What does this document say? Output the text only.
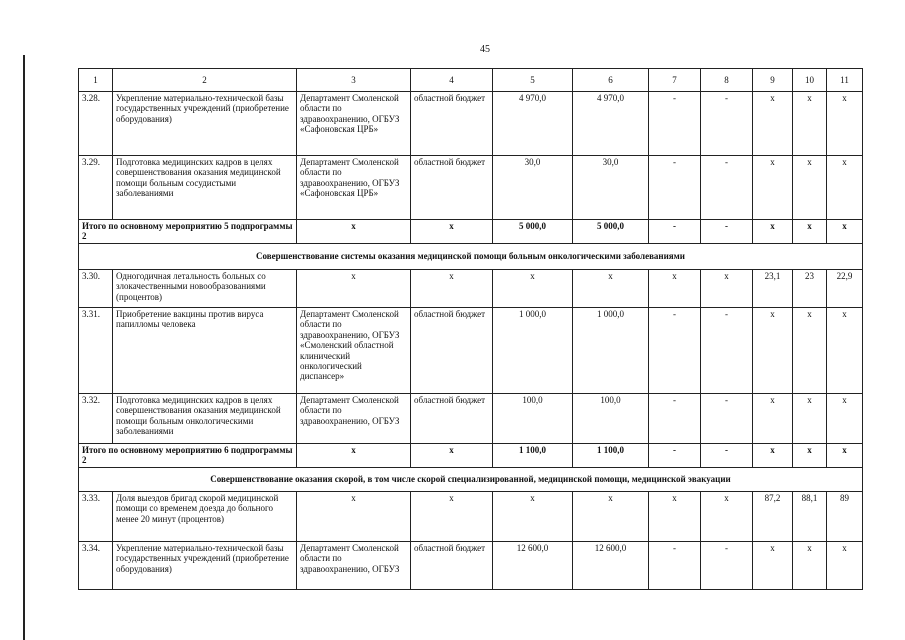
45
1	2	3	4	5	6	7	8	9	10	11
3.28.	Укрепление материально-технической базы государственных учреждений (приобретение оборудования)	Департамент Смоленской области по здравоохранению, ОГБУЗ «Сафоновская ЦРБ»	областной бюджет	4 970,0	4 970,0	-	-	х	х	х
3.29.	Подготовка медицинских кадров в целях совершенствования оказания медицинской помощи больным сосудистыми заболеваниями	Департамент Смоленской области по здравоохранению, ОГБУЗ «Сафоновская ЦРБ»	областной бюджет	30,0	30,0	-	-	х	х	х
Итого по основному мероприятию 5 подпрограммы 2		х	х	5 000,0	5 000,0	-	-	х	х	х
Совершенствование системы оказания медицинской помощи больным онкологическими заболеваниями										
3.30.	Одногодичная летальность больных со злокачественными новообразованиями (процентов)	х	х	х	х	х	х	23,1	23	22,9
3.31.	Приобретение вакцины против вируса папилломы человека	Департамент Смоленской области по здравоохранению, ОГБУЗ «Смоленский областной клинический онкологический диспансер»	областной бюджет	1 000,0	1 000,0	-	-	х	х	х
3.32.	Подготовка медицинских кадров в целях совершенствования оказания медицинской помощи больным онкологическими заболеваниями	Департамент Смоленской области по здравоохранению, ОГБУЗ	областной бюджет	100,0	100,0	-	-	х	х	х
Итого по основному мероприятию 6 подпрограммы 2		х	х	1 100,0	1 100,0	-	-	х	х	х
Совершенствование оказания скорой, в том числе скорой специализированной, медицинской помощи, медицинской эвакуации										
3.33.	Доля выездов бригад скорой медицинской помощи со временем доезда до больного менее 20 минут (процентов)	х	х	х	х	х	х	87,2	88,1	89
3.34.	Укрепление материально-технической базы государственных учреждений (приобретение оборудования)	Департамент Смоленской области по здравоохранению, ОГБУЗ	областной бюджет	12 600,0	12 600,0	-	-	х	х	х
